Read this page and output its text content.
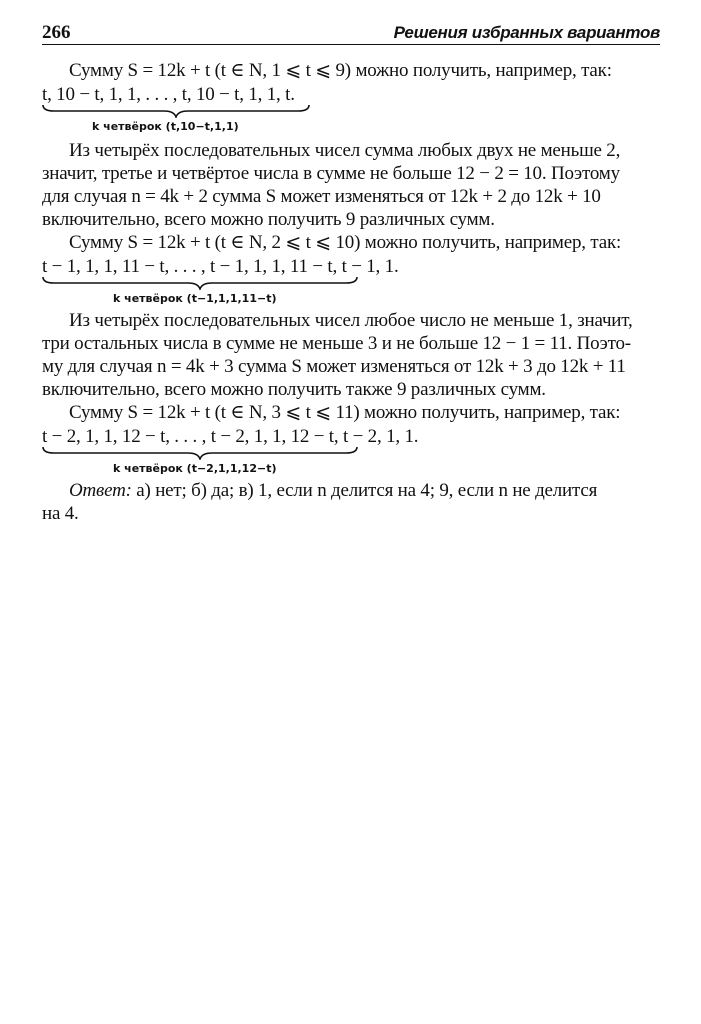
266	Решения избранных вариантов
Сумму S = 12k + t (t ∈ N, 1 ⩽ t ⩽ 9) можно получить, например, так:
t, 10 − t, 1, 1, . . . , t, 10 − t, 1, 1, t.
k четвёрок (t,10−t,1,1)
Из четырёх последовательных чисел сумма любых двух не меньше 2,
значит, третье и четвёртое числа в сумме не больше 12 − 2 = 10. Поэтому
для случая n = 4k + 2 сумма S может изменяться от 12k + 2 до 12k + 10
включительно, всего можно получить 9 различных сумм.
Сумму S = 12k + t (t ∈ N, 2 ⩽ t ⩽ 10) можно получить, например, так:
t − 1, 1, 1, 11 − t, . . . , t − 1, 1, 1, 11 − t, t − 1, 1.
k четвёрок (t−1,1,1,11−t)
Из четырёх последовательных чисел любое число не меньше 1, значит,
три остальных числа в сумме не меньше 3 и не больше 12 − 1 = 11. Поэто-
му для случая n = 4k + 3 сумма S может изменяться от 12k + 3 до 12k + 11
включительно, всего можно получить также 9 различных сумм.
Сумму S = 12k + t (t ∈ N, 3 ⩽ t ⩽ 11) можно получить, например, так:
t − 2, 1, 1, 12 − t, . . . , t − 2, 1, 1, 12 − t, t − 2, 1, 1.
k четвёрок (t−2,1,1,12−t)
Ответ: а) нет; б) да; в) 1, если n делится на 4; 9, если n не делится
на 4.
